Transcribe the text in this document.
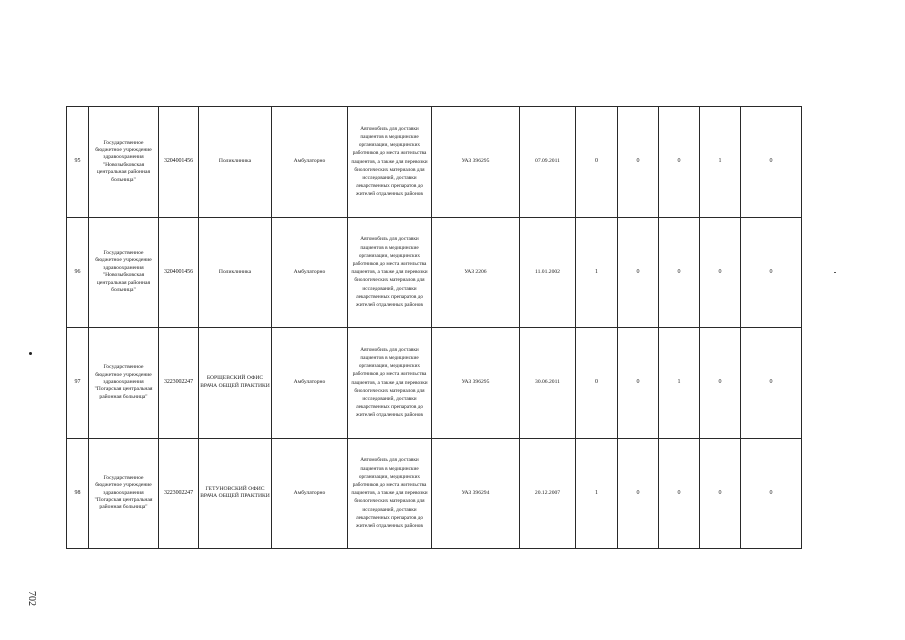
95	Государственное бюджетное учреждение здравоохранения "Новозыбковская центральная районная больница"	3204001456	Поликлиника	Амбулаторно	Автомобиль для доставки пациентов в медицинские организации, медицинских работников до места жительства пациентов, а также для перевозки биологических материалов для исследований, доставки лекарственных препаратов до жителей отдаленных районов	УАЗ 396295	07.09.2011	0	0	0	1	0
96	Государственное бюджетное учреждение здравоохранения "Новозыбковская центральная районная больница"	3204001456	Поликлиника	Амбулаторно	Автомобиль для доставки пациентов в медицинские организации, медицинских работников до места жительства пациентов, а также для перевозки биологических материалов для исследований, доставки лекарственных препаратов до жителей отдаленных районов	УАЗ 2206	11.01.2002	1	0	0	0	0
97	Государственное бюджетное учреждение здравоохранения "Погарская центральная районная больница"	3223002247	БОРЩЕВСКИЙ ОФИС ВРАЧА ОБЩЕЙ ПРАКТИКИ	Амбулаторно	Автомобиль для доставки пациентов в медицинские организации, медицинских работников до места жительства пациентов, а также для перевозки биологических материалов для исследований, доставки лекарственных препаратов до жителей отдаленных районов	УАЗ 396295	30.06.2011	0	0	1	0	0
98	Государственное бюджетное учреждение здравоохранения "Погарская центральная районная больница"	3223002247	ГЕТУНОВСКИЙ ОФИС ВРАЧА ОБЩЕЙ ПРАКТИКИ	Амбулаторно	Автомобиль для доставки пациентов в медицинские организации, медицинских работников до места жительства пациентов, а также для перевозки биологических материалов для исследований, доставки лекарственных препаратов до жителей отдаленных районов	УАЗ 396294	20.12.2007	1	0	0	0	0
702
